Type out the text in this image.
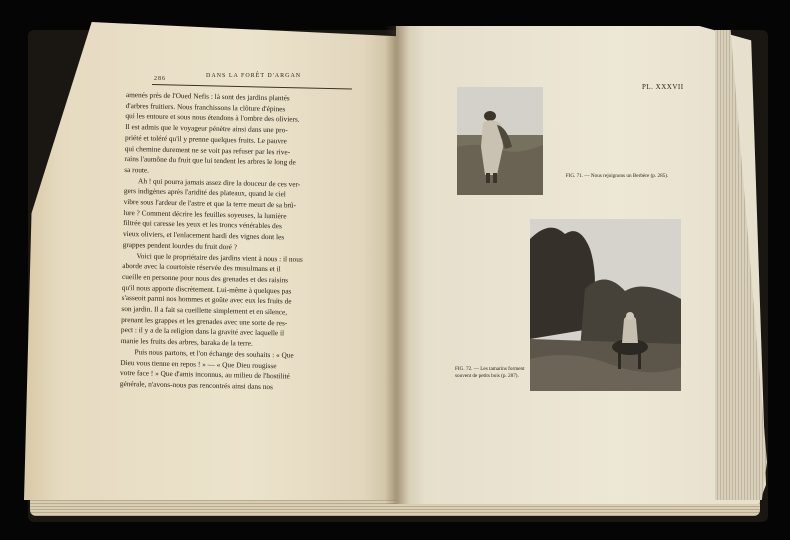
286	DANS LA FORÊT D'ARGAN
amenés près de l'Oued Nefis : là sont des jardins plantés
d'arbres fruitiers. Nous franchissons la clôture d'épines
qui les entoure et sous nous étendons à l'ombre des oliviers.
Il est admis que le voyageur pénètre ainsi dans une pro-
priété et toléré qu'il y prenne quelques fruits. Le pauvre
qui chemine durement ne se voit pas refuser par les rive-
rains l'aumône du fruit que lui tendent les arbres le long de
sa route.
Ah ! qui pourra jamais assez dire la douceur de ces ver-
gers indigènes après l'aridité des plateaux, quand le ciel
vibre sous l'ardeur de l'astre et que la terre meurt de sa brû-
lure ? Comment décrire les feuilles soyeuses, la lumière
filtrée qui caresse les yeux et les troncs vénérables des
vieux oliviers, et l'enlacement hardi des vignes dont les
grappes pendent lourdes du fruit doré ?
Voici que le propriétaire des jardins vient à nous : il nous
aborde avec la courtoisie réservée des musulmans et il
cueille en personne pour nous des grenades et des raisins
qu'il nous apporte discrètement. Lui-même à quelques pas
s'asseoit parmi nos hommes et goûte avec eux les fruits de
son jardin. Il a fait sa cueillette simplement et en silence,
prenant les grappes et les grenades avec une sorte de res-
pect : il y a de la religion dans la gravité avec laquelle il
manie les fruits des arbres, baraka de la terre.
Puis nous partons, et l'on échange des souhaits : « Que
Dieu vous tienne en repos ! » — « Que Dieu rougisse
votre face ! » Que d'amis inconnus, au milieu de l'hostilité
générale, n'avons-nous pas rencontrés ainsi dans nos
PL. XXXVII
FIG. 71. — Nous rejoignons un Berbère (p. 285).
FIG. 72. — Les tamarins forment souvent de petits bois (p. 287).
